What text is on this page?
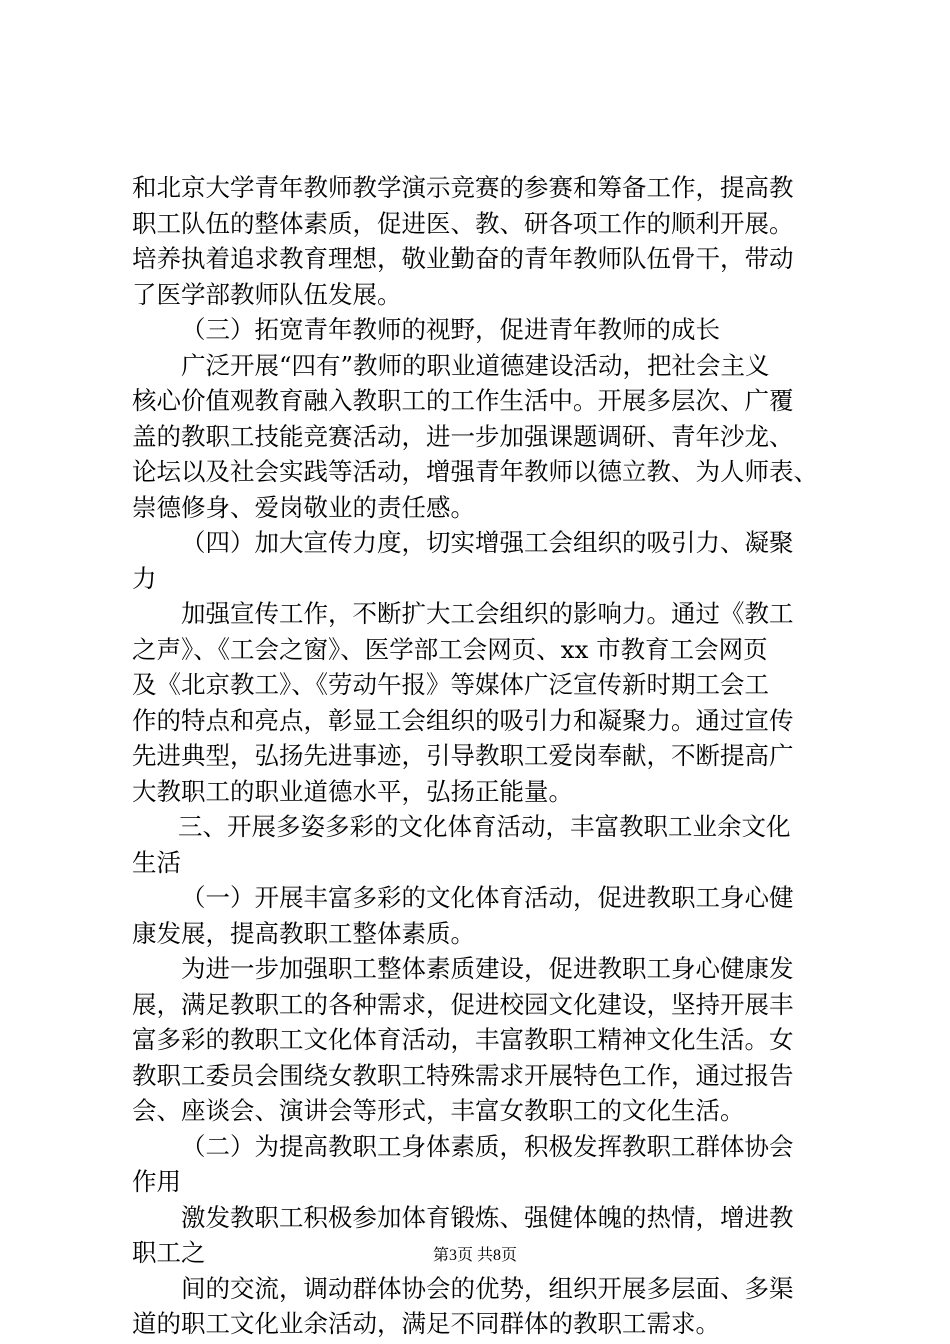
和北京大学青年教师教学演示竞赛的参赛和筹备工作，提高教
职工队伍的整体素质，促进医、教、研各项工作的顺利开展。
培养执着追求教育理想，敬业勤奋的青年教师队伍骨干，带动
了医学部教师队伍发展。
（三）拓宽青年教师的视野，促进青年教师的成长
广泛开展“四有”教师的职业道德建设活动，把社会主义
核心价值观教育融入教职工的工作生活中。开展多层次、广覆
盖的教职工技能竞赛活动，进一步加强课题调研、青年沙龙、
论坛以及社会实践等活动，增强青年教师以德立教、为人师表、
崇德修身、爱岗敬业的责任感。
（四）加大宣传力度，切实增强工会组织的吸引力、凝聚
力
加强宣传工作，不断扩大工会组织的影响力。通过《教工
之声》、《工会之窗》、医学部工会网页、xx 市教育工会网页
及《北京教工》、《劳动午报》等媒体广泛宣传新时期工会工
作的特点和亮点，彰显工会组织的吸引力和凝聚力。通过宣传
先进典型，弘扬先进事迹，引导教职工爱岗奉献，不断提高广
大教职工的职业道德水平，弘扬正能量。
三、开展多姿多彩的文化体育活动，丰富教职工业余文化
生活
（一）开展丰富多彩的文化体育活动，促进教职工身心健
康发展，提高教职工整体素质。
为进一步加强职工整体素质建设，促进教职工身心健康发
展，满足教职工的各种需求，促进校园文化建设，坚持开展丰
富多彩的教职工文化体育活动，丰富教职工精神文化生活。女
教职工委员会围绕女教职工特殊需求开展特色工作，通过报告
会、座谈会、演讲会等形式，丰富女教职工的文化生活。
（二）为提高教职工身体素质，积极发挥教职工群体协会
作用
激发教职工积极参加体育锻炼、强健体魄的热情，增进教
职工之
间的交流，调动群体协会的优势，组织开展多层面、多渠
道的职工文化业余活动，满足不同群体的教职工需求。
第3页 共8页
